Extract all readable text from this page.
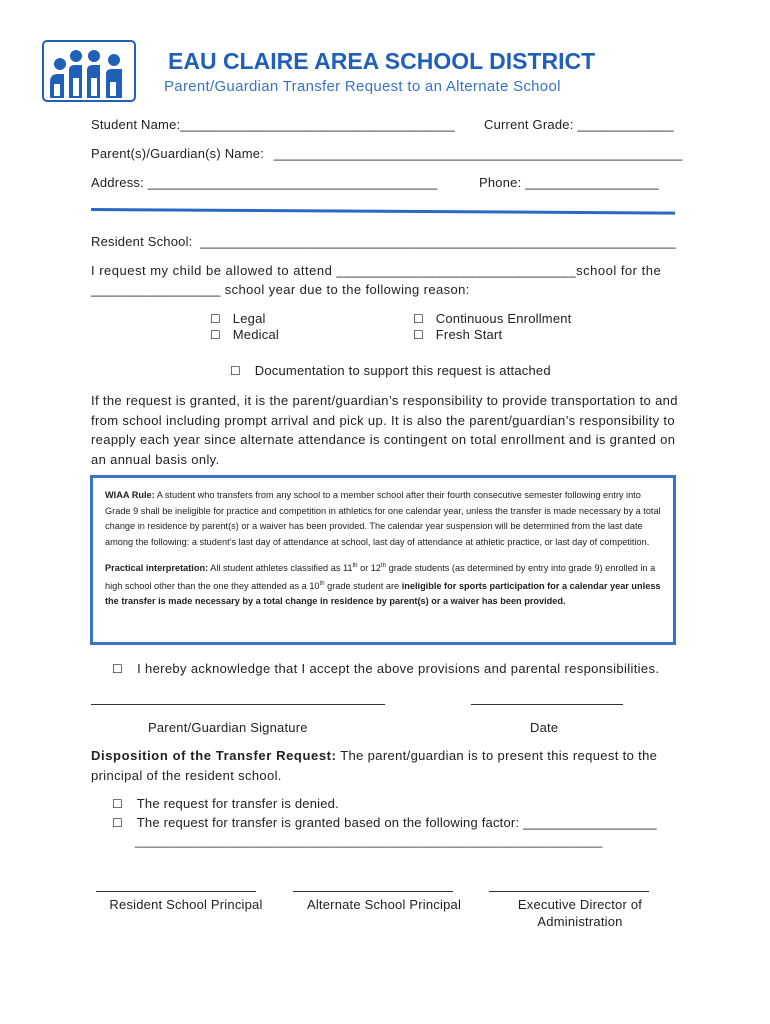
EAU CLAIRE AREA SCHOOL DISTRICT
Parent/Guardian Transfer Request to an Alternate School
Student Name:_____________________________________ Current Grade: _____________
Parent(s)/Guardian(s) Name: _______________________________________________________
Address: _______________________________________	Phone: __________________
Resident School: ________________________________________________________________
I request my child be allowed to attend _______________________________school for the
_________________ school year due to the following reason:
☐ Legal
☐ Medical
☐ Continuous Enrollment
☐ Fresh Start
☐ Documentation to support this request is attached
If the request is granted, it is the parent/guardian’s responsibility to provide transportation to and from school including prompt arrival and pick up. It is also the parent/guardian’s responsibility to reapply each year since alternate attendance is contingent on total enrollment and is granted on an annual basis only.

WIAA Rule: A student who transfers from any school to a member school after their fourth consecutive semester following entry into Grade 9 shall be ineligible for practice and competition in athletics for one calendar year, unless the transfer is made necessary by a total change in residence by parent(s) or a waiver has been provided. The calendar year suspension will be determined from the last date among the following: a student’s last day of attendance at school, last day of attendance at athletic practice, or last day of competition.

Practical interpretation: All student athletes classified as 11th or 12th grade students (as determined by entry into grade 9) enrolled in a high school other than the one they attended as a 10th grade student are ineligible for sports participation for a calendar year unless the transfer is made necessary by a total change in residence by parent(s) or a waiver has been provided.

☐ I hereby acknowledge that I accept the above provisions and parental responsibilities.
Parent/Guardian Signature	Date
Disposition of the Transfer Request: The parent/guardian is to present this request to the principal of the resident school.
☐ The request for transfer is denied.
☐ The request for transfer is granted based on the following factor: __________________
____________________________________________________________________
Resident School Principal	Alternate School Principal	Executive Director of
Administration
